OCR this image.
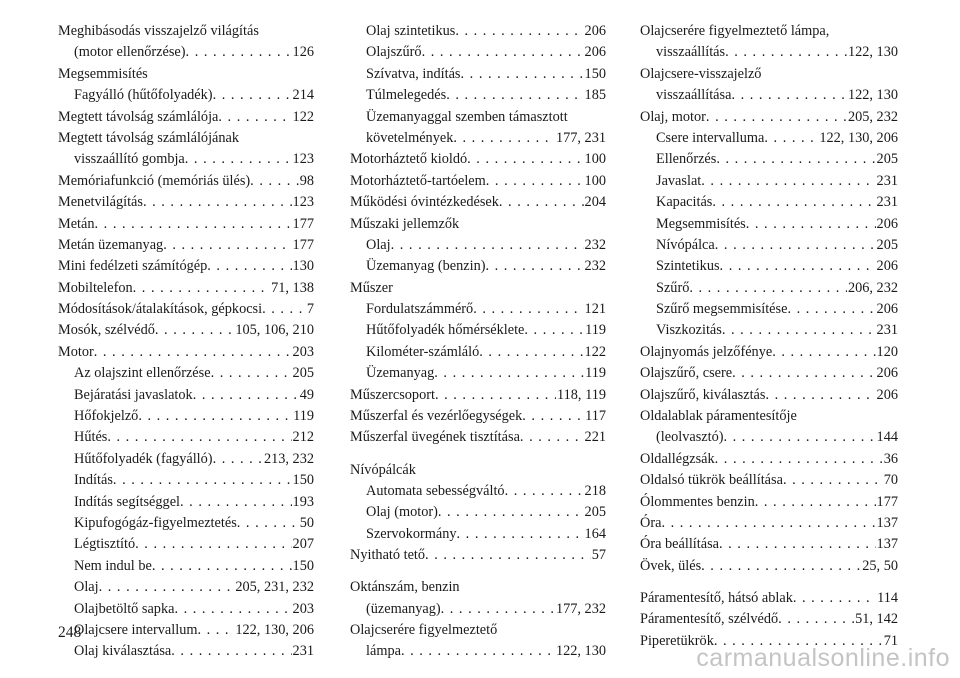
Meghibásodás visszajelző világítás
(motor ellenőrzése) . . .	126
Megsemmisítés
Fagyálló (hűtőfolyadék) . . .	214
Megtett távolság számlálója . . .	122
Megtett távolság számlálójának
visszaállító gombja . . .	123
Memóriafunkció (memóriás ülés) . . .	98
Menetvilágítás . . .	123
Metán . . .	177
Metán üzemanyag . . .	177
Mini fedélzeti számítógép . . .	130
Mobiltelefon . . .	71, 138
Módosítások/átalakítások, gépkocsi . . .	7
Mosók, szélvédő . . .	105, 106, 210
Motor . . .	203
Az olajszint ellenőrzése . . .	205
Bejáratási javaslatok . . .	49
Hőfokjelző . . .	119
Hűtés . . .	212
Hűtőfolyadék (fagyálló) . . .	213, 232
Indítás . . .	150
Indítás segítséggel . . .	193
Kipufogógáz-figyelmeztetés . . .	50
Légtisztító . . .	207
Nem indul be . . .	150
Olaj . . .	205, 231, 232
Olajbetöltő sapka . . .	203
Olajcsere intervallum . . .	122, 130, 206
Olaj kiválasztása . . .	231
Olaj szintetikus . . .	206
Olajszűrő . . .	206
Szívatva, indítás . . .	150
Túlmelegedés . . .	185
Üzemanyaggal szemben támasztott
követelmények . . .	177, 231
Motorháztető kioldó . . .	100
Motorháztető-tartóelem . . .	100
Működési óvintézkedések . . .	204
Műszaki jellemzők
Olaj . . .	232
Üzemanyag (benzin) . . .	232
Műszer
Fordulatszámmérő . . .	121
Hűtőfolyadék hőmérséklete . . .	119
Kilométer-számláló . . .	122
Üzemanyag . . .	119
Műszercsoport . . .	118, 119
Műszerfal és vezérlőegységek . . .	117
Műszerfal üvegének tisztítása . . .	221
Nívópálcák
Automata sebességváltó . . .	218
Olaj (motor) . . .	205
Szervokormány . . .	164
Nyitható tető . . .	57
Oktánszám, benzin
(üzemanyag) . . .	177, 232
Olajcserére figyelmeztető
lámpa . . .	122, 130
Olajcserére figyelmeztető lámpa,
visszaállítás . . .	122, 130
Olajcsere-visszajelző
visszaállítása . . .	122, 130
Olaj, motor . . .	205, 232
Csere intervalluma . . .	122, 130, 206
Ellenőrzés . . .	205
Javaslat . . .	231
Kapacitás . . .	231
Megsemmisítés . . .	206
Nívópálca . . .	205
Szintetikus . . .	206
Szűrő . . .	206, 232
Szűrő megsemmisítése . . .	206
Viszkozitás . . .	231
Olajnyomás jelzőfénye . . .	120
Olajszűrő, csere . . .	206
Olajszűrő, kiválasztás . . .	206
Oldalablak páramentesítője
(leolvasztó) . . .	144
Oldallégzsák . . .	36
Oldalsó tükrök beállítása . . .	70
Ólommentes benzin . . .	177
Óra . . .	137
Óra beállítása . . .	137
Övek, ülés . . .	25, 50
Páramentesítő, hátsó ablak . . .	114
Páramentesítő, szélvédő . . .	51, 142
Piperetükrök . . .	71
248
carmanualsonline.info
